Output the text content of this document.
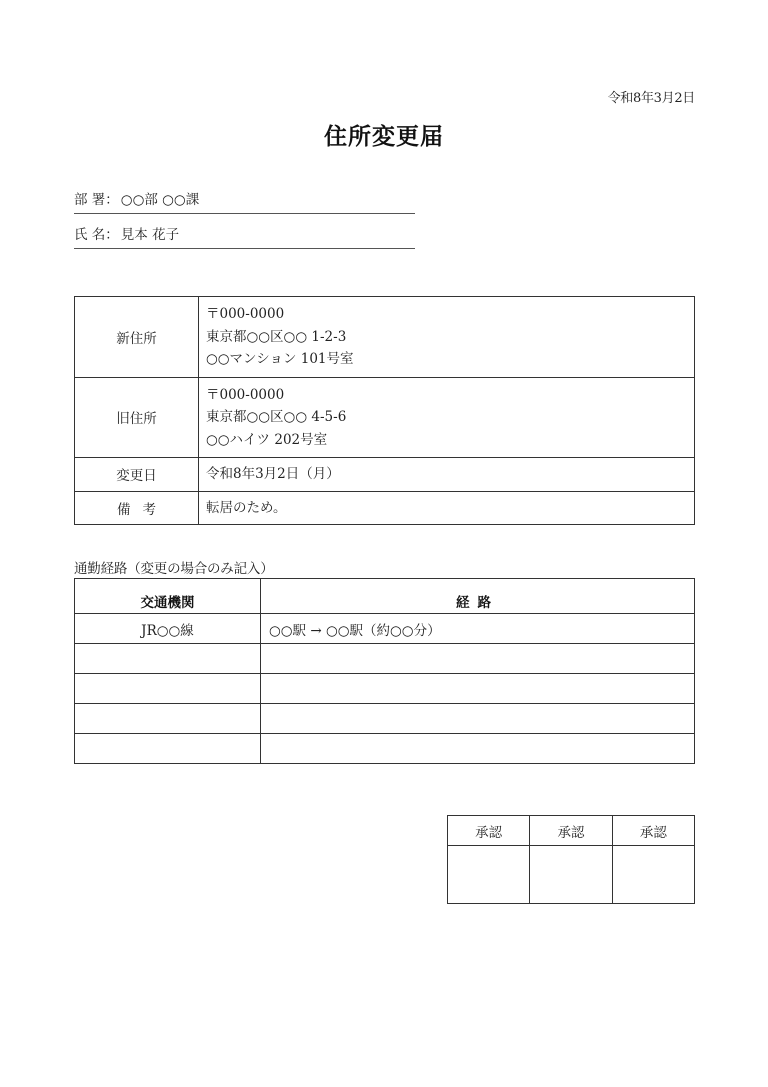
令和8年3月2日
住所変更届
部 署： ○○部 ○○課
氏 名： 見本 花子
新住所	〒000-0000
東京都○○区○○ 1-2-3
○○マンション 101号室

旧住所	〒000-0000
東京都○○区○○ 4-5-6
○○ハイツ 202号室

変更日	令和8年3月2日（月）
備考	転居のため。
通勤経路（変更の場合のみ記入）
交通機関	経路
JR○○線	○○駅 → ○○駅（約○○分）

承認	承認	承認
